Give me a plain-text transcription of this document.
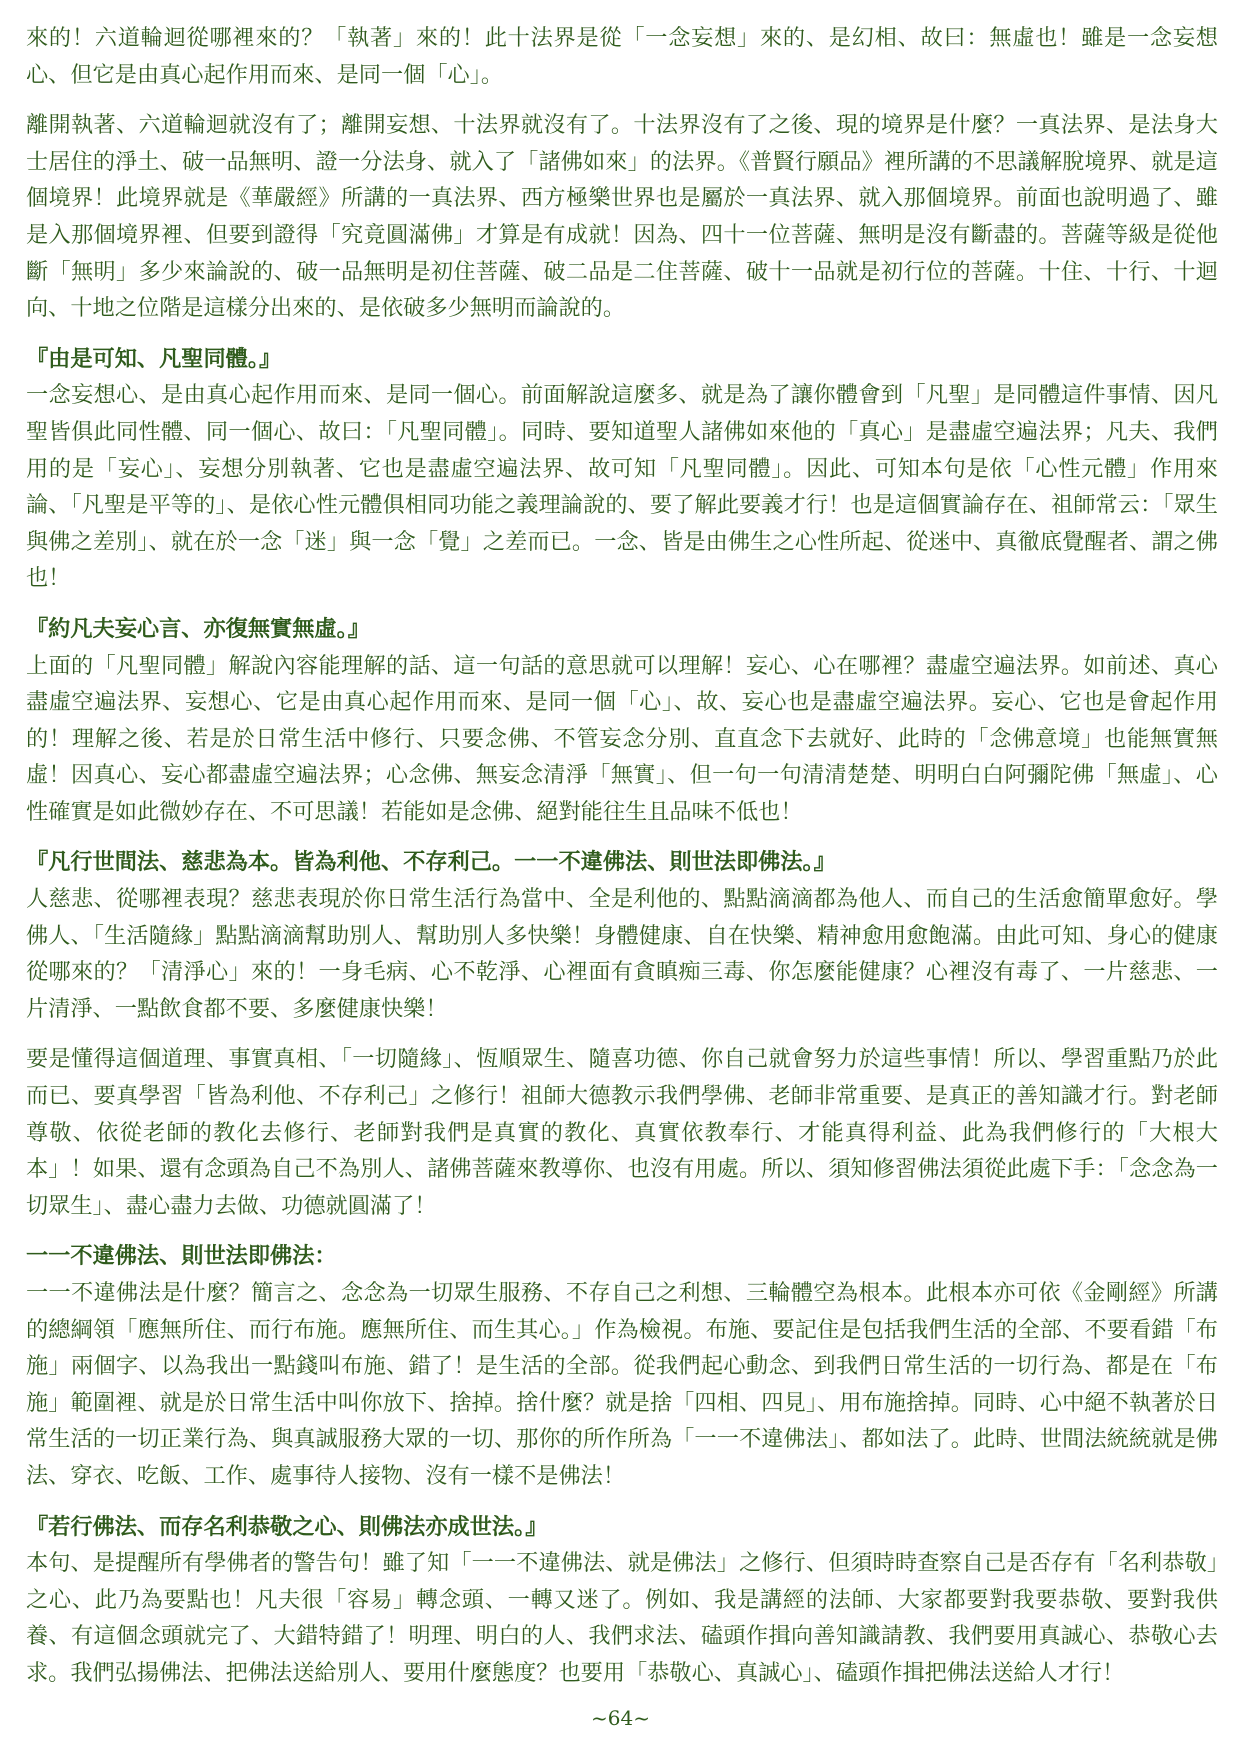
來的！六道輪迴從哪裡來的？「執著」來的！此十法界是從「一念妄想」來的、是幻相、故曰：無虛也！雖是一念妄想心、但它是由真心起作用而來、是同一個「心」。

離開執著、六道輪迴就沒有了；離開妄想、十法界就沒有了。十法界沒有了之後、現的境界是什麼？一真法界、是法身大士居住的淨土、破一品無明、證一分法身、就入了「諸佛如來」的法界。《普賢行願品》裡所講的不思議解脫境界、就是這個境界！此境界就是《華嚴經》所講的一真法界、西方極樂世界也是屬於一真法界、就入那個境界。前面也說明過了、雖是入那個境界裡、但要到證得「究竟圓滿佛」才算是有成就！因為、四十一位菩薩、無明是沒有斷盡的。菩薩等級是從他斷「無明」多少來論說的、破一品無明是初住菩薩、破二品是二住菩薩、破十一品就是初行位的菩薩。十住、十行、十迴向、十地之位階是這樣分出來的、是依破多少無明而論說的。

『由是可知、凡聖同體。』

一念妄想心、是由真心起作用而來、是同一個心。前面解說這麼多、就是為了讓你體會到「凡聖」是同體這件事情、因凡聖皆俱此同性體、同一個心、故曰：「凡聖同體」。同時、要知道聖人諸佛如來他的「真心」是盡虛空遍法界；凡夫、我們用的是「妄心」、妄想分別執著、它也是盡虛空遍法界、故可知「凡聖同體」。因此、可知本句是依「心性元體」作用來論、「凡聖是平等的」、是依心性元體俱相同功能之義理論說的、要了解此要義才行！也是這個實論存在、祖師常云：「眾生與佛之差別」、就在於一念「迷」與一念「覺」之差而已。一念、皆是由佛生之心性所起、從迷中、真徹底覺醒者、謂之佛也！

『約凡夫妄心言、亦復無實無虛。』

上面的「凡聖同體」解說內容能理解的話、這一句話的意思就可以理解！妄心、心在哪裡？盡虛空遍法界。如前述、真心盡虛空遍法界、妄想心、它是由真心起作用而來、是同一個「心」、故、妄心也是盡虛空遍法界。妄心、它也是會起作用的！理解之後、若是於日常生活中修行、只要念佛、不管妄念分別、直直念下去就好、此時的「念佛意境」也能無實無虛！因真心、妄心都盡虛空遍法界；心念佛、無妄念清淨「無實」、但一句一句清清楚楚、明明白白阿彌陀佛「無虛」、心性確實是如此微妙存在、不可思議！若能如是念佛、絕對能往生且品味不低也！

『凡行世間法、慈悲為本。皆為利他、不存利己。一一不違佛法、則世法即佛法。』

人慈悲、從哪裡表現？慈悲表現於你日常生活行為當中、全是利他的、點點滴滴都為他人、而自己的生活愈簡單愈好。學佛人、「生活隨緣」點點滴滴幫助別人、幫助別人多快樂！身體健康、自在快樂、精神愈用愈飽滿。由此可知、身心的健康從哪來的？「清淨心」來的！一身毛病、心不乾淨、心裡面有貪瞋痴三毒、你怎麼能健康？心裡沒有毒了、一片慈悲、一片清淨、一點飲食都不要、多麼健康快樂！

要是懂得這個道理、事實真相、「一切隨緣」、恆順眾生、隨喜功德、你自己就會努力於這些事情！所以、學習重點乃於此而已、要真學習「皆為利他、不存利己」之修行！祖師大德教示我們學佛、老師非常重要、是真正的善知識才行。對老師尊敬、依從老師的教化去修行、老師對我們是真實的教化、真實依教奉行、才能真得利益、此為我們修行的「大根大本」！如果、還有念頭為自己不為別人、諸佛菩薩來教導你、也沒有用處。所以、須知修習佛法須從此處下手：「念念為一切眾生」、盡心盡力去做、功德就圓滿了！

一一不違佛法、則世法即佛法：

一一不違佛法是什麼？簡言之、念念為一切眾生服務、不存自己之利想、三輪體空為根本。此根本亦可依《金剛經》所講的總綱領「應無所住、而行布施。應無所住、而生其心。」作為檢視。布施、要記住是包括我們生活的全部、不要看錯「布施」兩個字、以為我出一點錢叫布施、錯了！是生活的全部。從我們起心動念、到我們日常生活的一切行為、都是在「布施」範圍裡、就是於日常生活中叫你放下、捨掉。捨什麼？就是捨「四相、四見」、用布施捨掉。同時、心中絕不執著於日常生活的一切正業行為、與真誠服務大眾的一切、那你的所作所為「一一不違佛法」、都如法了。此時、世間法統統就是佛法、穿衣、吃飯、工作、處事待人接物、沒有一樣不是佛法！

『若行佛法、而存名利恭敬之心、則佛法亦成世法。』

本句、是提醒所有學佛者的警告句！雖了知「一一不違佛法、就是佛法」之修行、但須時時查察自己是否存有「名利恭敬」之心、此乃為要點也！凡夫很「容易」轉念頭、一轉又迷了。例如、我是講經的法師、大家都要對我要恭敬、要對我供養、有這個念頭就完了、大錯特錯了！明理、明白的人、我們求法、磕頭作揖向善知識請教、我們要用真誠心、恭敬心去求。我們弘揚佛法、把佛法送給別人、要用什麼態度？也要用「恭敬心、真誠心」、磕頭作揖把佛法送給人才行！

~64~
